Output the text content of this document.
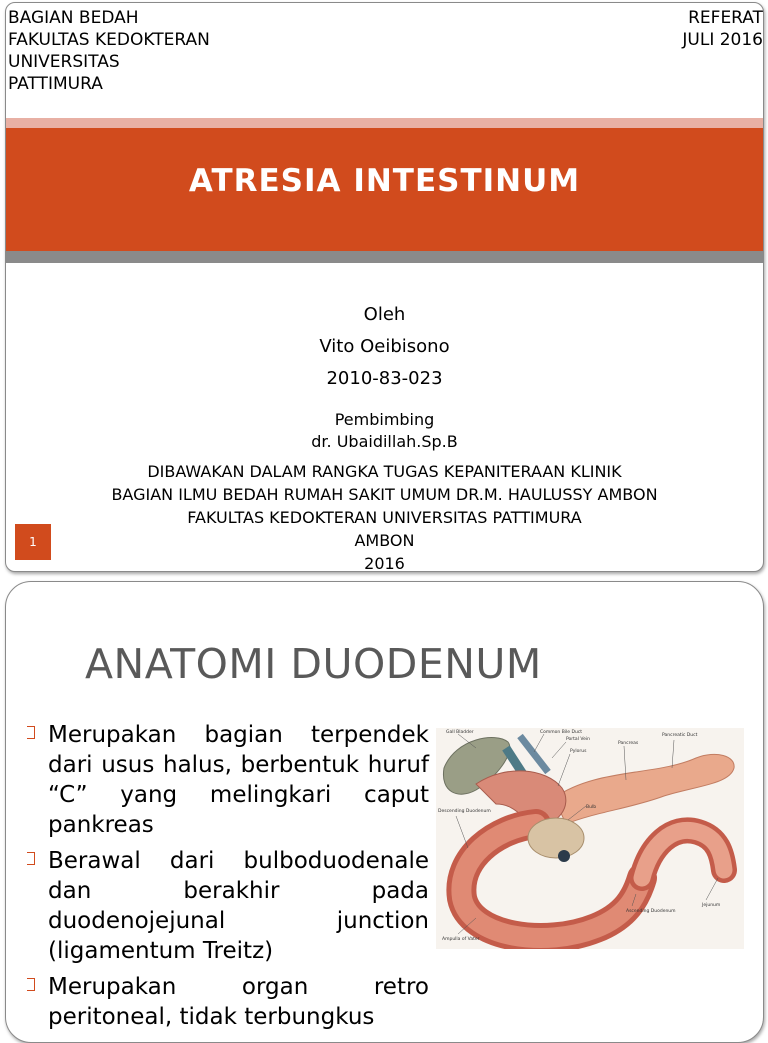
BAGIAN BEDAH
FAKULTAS KEDOKTERAN
UNIVERSITAS
PATTIMURA
REFERAT
JULI 2016
ATRESIA INTESTINUM
Oleh
Vito Oeibisono
2010-83-023
Pembimbing
dr. Ubaidillah.Sp.B
DIBAWAKAN DALAM RANGKA TUGAS KEPANITERAAN KLINIK
BAGIAN ILMU BEDAH RUMAH SAKIT UMUM DR.M. HAULUSSY AMBON
FAKULTAS KEDOKTERAN UNIVERSITAS PATTIMURA
AMBON
2016
1
ANATOMI DUODENUM
Merupakan bagian terpendek dari usus halus, berbentuk huruf “C” yang melingkari caput pankreas
Berawal dari bulboduodenale dan berakhir pada duodenojejunal junction (ligamentum Treitz)
Merupakan organ retro peritoneal, tidak terbungkus
Gall Bladder	Common Bile Duct
Portal Vein
Pylorus
Pancreas
Pancreatic Duct
Bulb
Descending Duodenum
Jejunum
Ascending Duodenum
Ampulla of Vater
